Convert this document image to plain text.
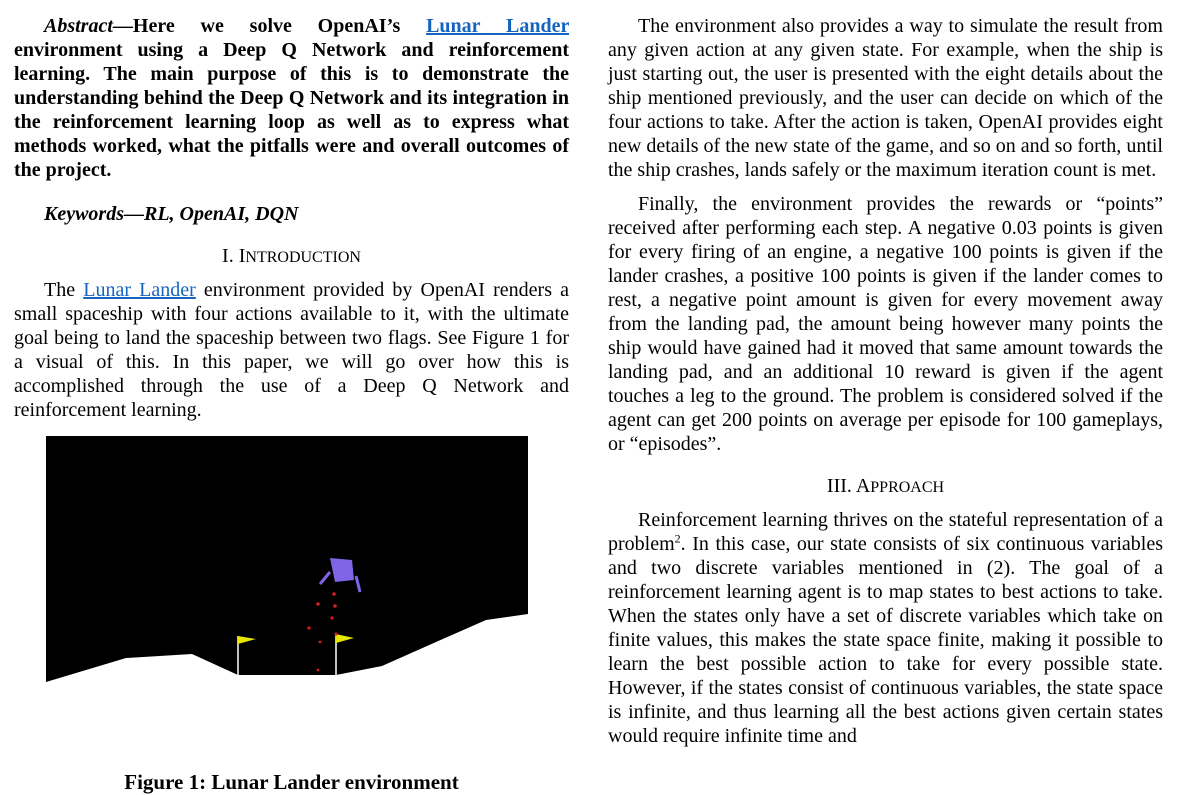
Abstract—Here we solve OpenAI’s Lunar Lander environment using a Deep Q Network and reinforcement learning. The main purpose of this is to demonstrate the understanding behind the Deep Q Network and its integration in the reinforcement learning loop as well as to express what methods worked, what the pitfalls were and overall outcomes of the project.

Keywords—RL, OpenAI, DQN

I. INTRODUCTION

The Lunar Lander environment provided by OpenAI renders a small spaceship with four actions available to it, with the ultimate goal being to land the spaceship between two flags. See Figure 1 for a visual of this. In this paper, we will go over how this is accomplished through the use of a Deep Q Network and reinforcement learning.

Figure 1: Lunar Lander environment

The environment also provides a way to simulate the result from any given action at any given state. For example, when the ship is just starting out, the user is presented with the eight details about the ship mentioned previously, and the user can decide on which of the four actions to take. After the action is taken, OpenAI provides eight new details of the new state of the game, and so on and so forth, until the ship crashes, lands safely or the maximum iteration count is met.

Finally, the environment provides the rewards or “points” received after performing each step. A negative 0.03 points is given for every firing of an engine, a negative 100 points is given if the lander crashes, a positive 100 points is given if the lander comes to rest, a negative point amount is given for every movement away from the landing pad, the amount being however many points the ship would have gained had it moved that same amount towards the landing pad, and an additional 10 reward is given if the agent touches a leg to the ground. The problem is considered solved if the agent can get 200 points on average per episode for 100 gameplays, or “episodes”.

III. APPROACH

Reinforcement learning thrives on the stateful representation of a problem$^2$. In this case, our state consists of six continuous variables and two discrete variables mentioned in (2). The goal of a reinforcement learning agent is to map states to best actions to take. When the states only have a set of discrete variables which take on finite values, this makes the state space finite, making it possible to learn the best possible action to take for every possible state. However, if the states consist of continuous variables, the state space is infinite, and thus learning all the best actions given certain states would require infinite time and
